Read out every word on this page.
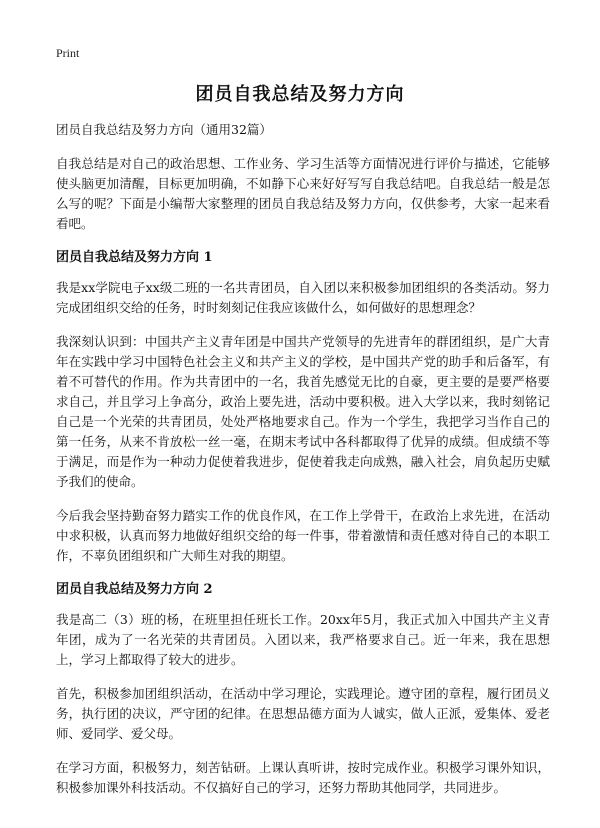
Print
团员自我总结及努力方向

团员自我总结及努力方向（通用32篇）

自我总结是对自己的政治思想、工作业务、学习生活等方面情况进行评价与描述，它能够使头脑更加清醒，目标更加明确，不如静下心来好好写写自我总结吧。自我总结一般是怎么写的呢？下面是小编帮大家整理的团员自我总结及努力方向，仅供参考，大家一起来看看吧。

团员自我总结及努力方向 1

我是xx学院电子xx级二班的一名共青团员，自入团以来积极参加团组织的各类活动。努力完成团组织交给的任务，时时刻刻记住我应该做什么，如何做好的思想理念？

我深刻认识到：中国共产主义青年团是中国共产党领导的先进青年的群团组织，是广大青年在实践中学习中国特色社会主义和共产主义的学校，是中国共产党的助手和后备军，有着不可替代的作用。作为共青团中的一名，我首先感觉无比的自豪，更主要的是要严格要求自己，并且学习上争高分，政治上要先进，活动中要积极。进入大学以来，我时刻铭记自己是一个光荣的共青团员，处处严格地要求自己。作为一个学生，我把学习当作自己的第一任务，从来不肯放松一丝一毫，在期末考试中各科都取得了优异的成绩。但成绩不等于满足，而是作为一种动力促使着我进步，促使着我走向成熟，融入社会，肩负起历史赋予我们的使命。

今后我会坚持勤奋努力踏实工作的优良作风，在工作上学骨干，在政治上求先进，在活动中求积极，认真而努力地做好组织交给的每一件事，带着激情和责任感对待自己的本职工作，不辜负团组织和广大师生对我的期望。

团员自我总结及努力方向 2

我是高二（3）班的杨，在班里担任班长工作。20xx年5月，我正式加入中国共产主义青年团，成为了一名光荣的共青团员。入团以来，我严格要求自己。近一年来，我在思想上，学习上都取得了较大的进步。

首先，积极参加团组织活动，在活动中学习理论，实践理论。遵守团的章程，履行团员义务，执行团的决议，严守团的纪律。在思想品德方面为人诚实，做人正派，爱集体、爱老师、爱同学、爱父母。

在学习方面，积极努力，刻苦钻研。上课认真听讲，按时完成作业。积极学习课外知识，积极参加课外科技活动。不仅搞好自己的学习，还努力帮助其他同学，共同进步。
